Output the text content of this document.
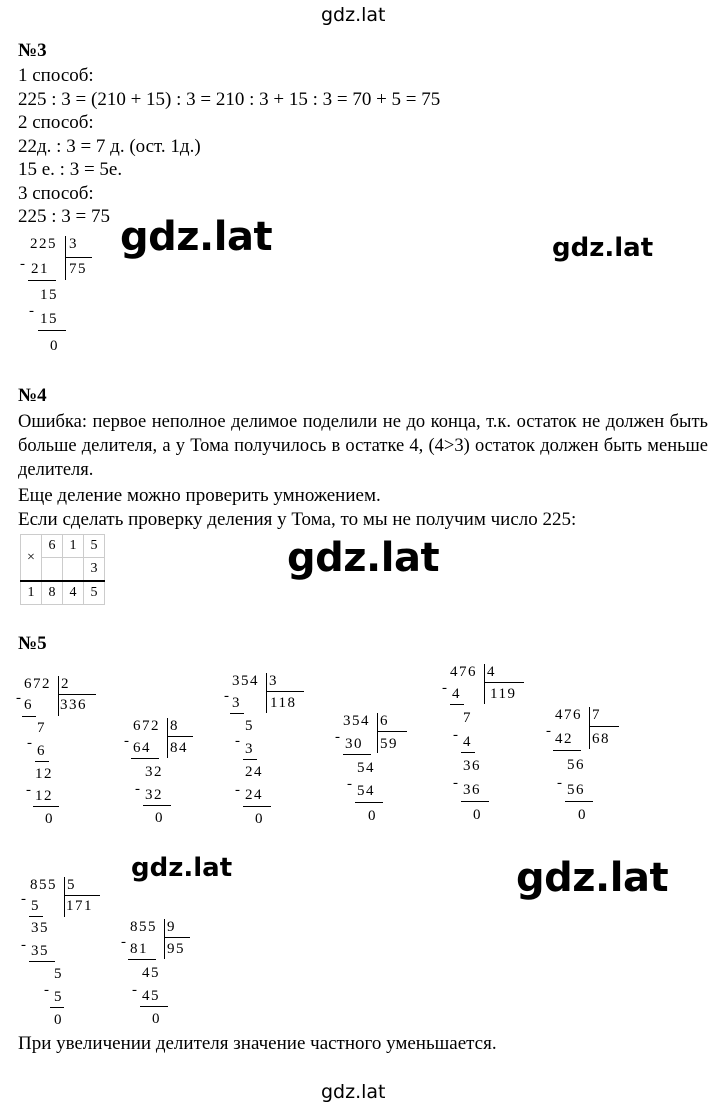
gdz.lat
gdz.lat	gdz.lat
gdz.lat
gdz.lat	gdz.lat
gdz.lat
№3
1 способ:
225 : 3 = (210 + 15) : 3 = 210 : 3 + 15 : 3 = 70 + 5 = 75
2 способ:
22д. : 3 = 7 д. (ост. 1д.)
15 е. : 3 = 5е.
3 способ:
225 : 3 = 75
225 3
75
- 21
15
- 15
0
№4
Ошибка: первое неполное делимое поделили не до конца, т.к. остаток не должен быть больше делителя, а у Тома получилось в остатке 4, (4>3) остаток должен быть меньше делителя.
Еще деление можно проверить умножением.
Если сделать проверку деления у Тома, то мы не получим число 225:
×	6	1	5
			3
1	8	4	5
№5
672 2
336
- 6
7
- 6
12
- 12
0
672 8
84
- 64
32
- 32
0
354 3
118
- 3
5
- 3
24
- 24
0
354 6
59
- 30
54
- 54
0
476 4
119
- 4
7
- 4
36
- 36
0
476 7
68
- 42
56
- 56
0
855 5
171
- 5
35
- 35
5
- 5
0
855 9
95
- 81
45
- 45
0
При увеличении делителя значение частного уменьшается.
